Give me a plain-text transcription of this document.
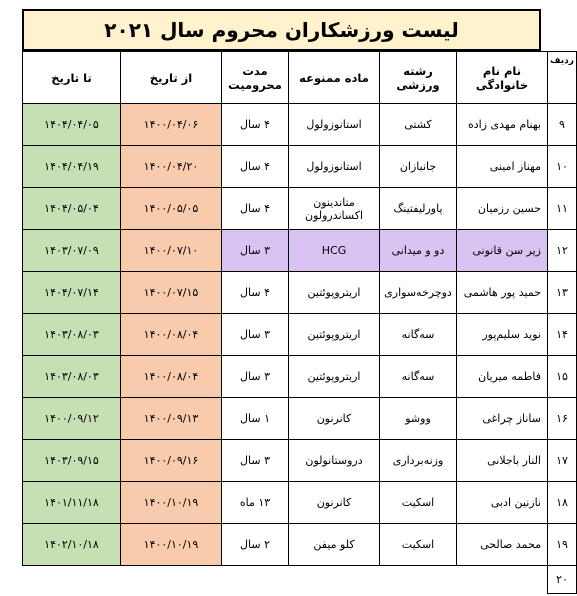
لیست ورزشکاران محروم سال ۲۰۲۱
ردیف	نام نام خانوادگی	رشته ورزشی	ماده ممنوعه	مدت محرومیت	از تاریخ	تا تاریخ
۹	بهنام مهدی زاده	کشتی	استانوزولول	۴ سال	۱۴۰۰/۰۴/۰۶	۱۴۰۴/۰۴/۰۵
۱۰	مهناز امینی	جانبازان	استانوزولول	۴ سال	۱۴۰۰/۰۴/۲۰	۱۴۰۴/۰۴/۱۹
۱۱	حسین رزمیان	پاورلیفتینگ	متاندینون اکساندرولون	۴ سال	۱۴۰۰/۰۵/۰۵	۱۴۰۴/۰۵/۰۴
۱۲	زیر سن قانونی	دو و میدانی	HCG	۳ سال	۱۴۰۰/۰۷/۱۰	۱۴۰۳/۰۷/۰۹
۱۳	حمید پور هاشمی	دوچرخه‌سواری	اریتروپوئتین	۴ سال	۱۴۰۰/۰۷/۱۵	۱۴۰۴/۰۷/۱۴
۱۴	نوید سلیم‌پور	سه‌گانه	اریتروپوئتین	۳ سال	۱۴۰۰/۰۸/۰۴	۱۴۰۳/۰۸/۰۳
۱۵	فاطمه میریان	سه‌گانه	اریتروپوئتین	۳ سال	۱۴۰۰/۰۸/۰۴	۱۴۰۳/۰۸/۰۳
۱۶	ساناز چراغی	ووشو	کانرنون	۱ سال	۱۴۰۰/۰۹/۱۳	۱۴۰۰/۰۹/۱۲
۱۷	النار باجلانی	وزنه‌برداری	دروستانولون	۳ سال	۱۴۰۰/۰۹/۱۶	۱۴۰۳/۰۹/۱۵
۱۸	نازنین ادبی	اسکیت	کانرنون	۱۳ ماه	۱۴۰۰/۱۰/۱۹	۱۴۰۱/۱۱/۱۸
۱۹	محمد صالحی	اسکیت	کلو میفن	۲ سال	۱۴۰۰/۱۰/۱۹	۱۴۰۲/۱۰/۱۸
۲۰						
